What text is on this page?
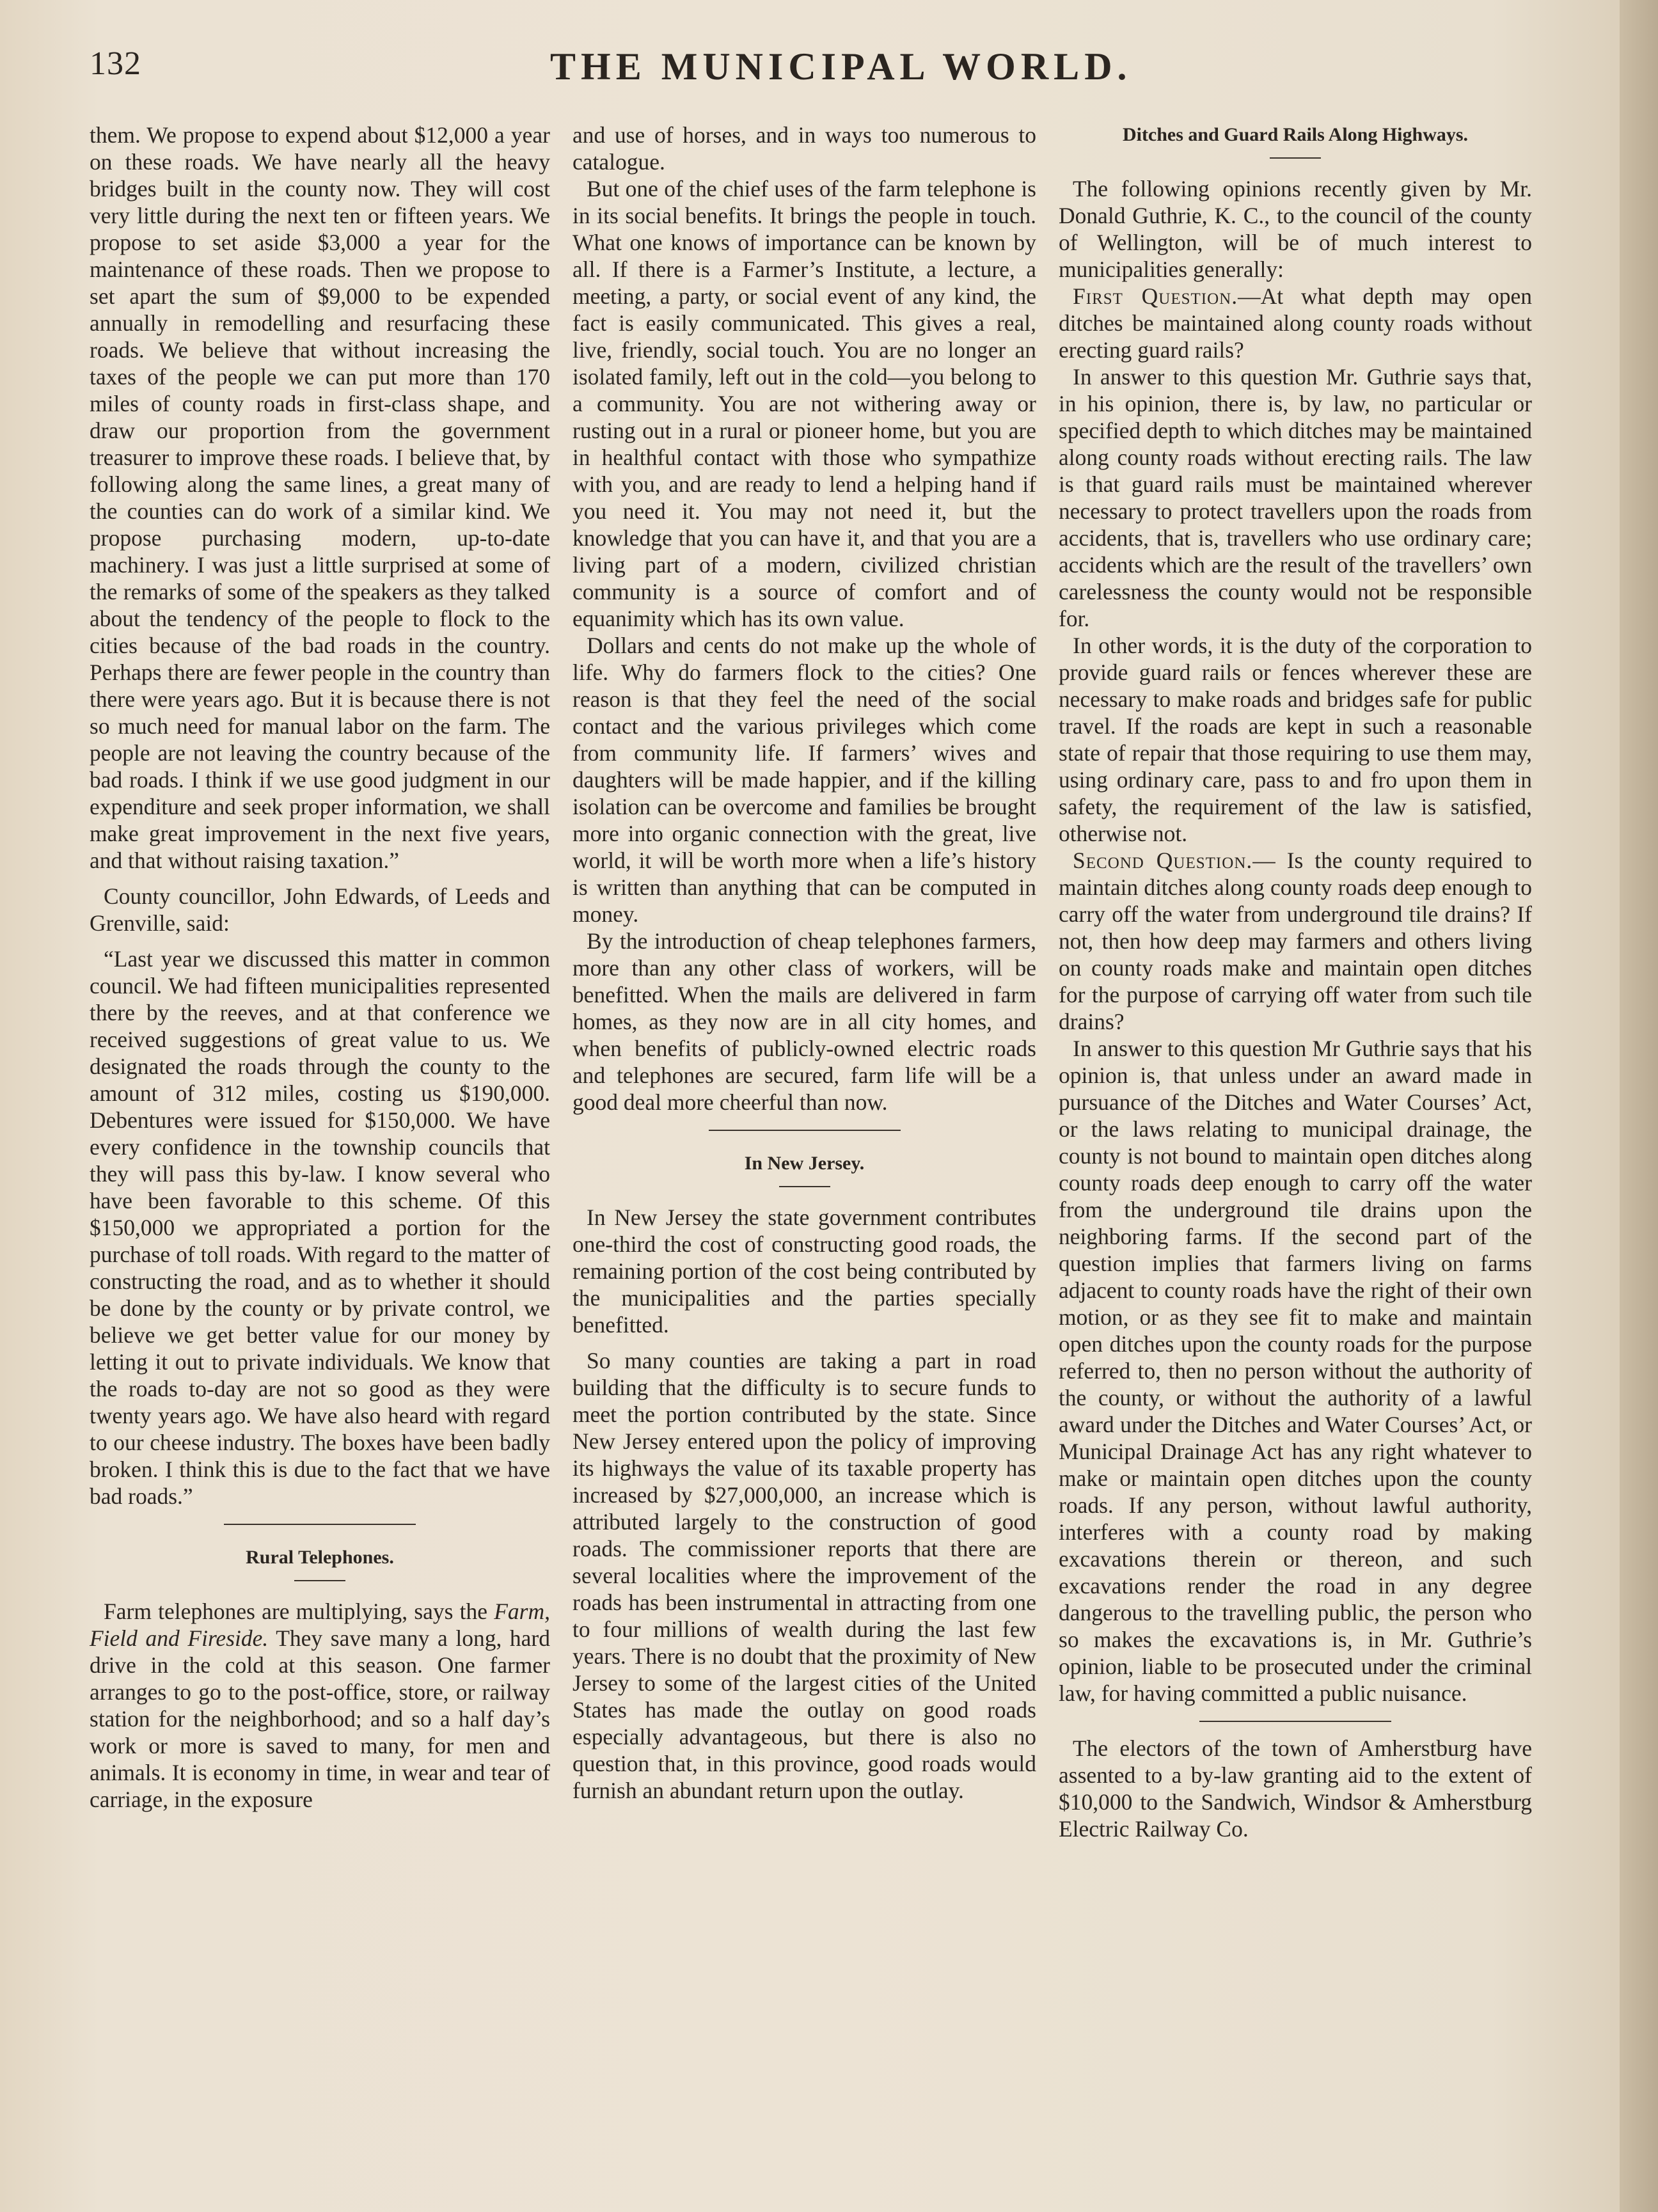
132	THE MUNICIPAL WORLD.

them. We propose to expend about $12,000 a year on these roads. We have nearly all the heavy bridges built in the county now. They will cost very little during the next ten or fifteen years. We propose to set aside $3,000 a year for the maintenance of these roads. Then we propose to set apart the sum of $9,000 to be expended annually in remodelling and resurfacing these roads. We believe that without increasing the taxes of the people we can put more than 170 miles of county roads in first-class shape, and draw our proportion from the government treasurer to improve these roads. I believe that, by following along the same lines, a great many of the counties can do work of a similar kind. We propose purchasing modern, up-to-date machinery. I was just a little surprised at some of the remarks of some of the speakers as they talked about the tendency of the people to flock to the cities because of the bad roads in the country. Perhaps there are fewer people in the country than there were years ago. But it is because there is not so much need for manual labor on the farm. The people are not leaving the country because of the bad roads. I think if we use good judgment in our expenditure and seek proper information, we shall make great improvement in the next five years, and that without raising taxation.”

County councillor, John Edwards, of Leeds and Grenville, said:

“Last year we discussed this matter in common council. We had fifteen municipalities represented there by the reeves, and at that conference we received suggestions of great value to us. We designated the roads through the county to the amount of 312 miles, costing us $190,000. Debentures were issued for $150,000. We have every confidence in the township councils that they will pass this by-law. I know several who have been favorable to this scheme. Of this $150,000 we appropriated a portion for the purchase of toll roads. With regard to the matter of constructing the road, and as to whether it should be done by the county or by private control, we believe we get better value for our money by letting it out to private individuals. We know that the roads to-day are not so good as they were twenty years ago. We have also heard with regard to our cheese industry. The boxes have been badly broken. I think this is due to the fact that we have bad roads.”

Rural Telephones.

Farm telephones are multiplying, says the Farm, Field and Fireside. They save many a long, hard drive in the cold at this season. One farmer arranges to go to the post-office, store, or railway station for the neighborhood; and so a half day’s work or more is saved to many, for men and animals. It is economy in time, in wear and tear of carriage, in the exposure

and use of horses, and in ways too numerous to catalogue.

But one of the chief uses of the farm telephone is in its social benefits. It brings the people in touch. What one knows of importance can be known by all. If there is a Farmer’s Institute, a lecture, a meeting, a party, or social event of any kind, the fact is easily communicated. This gives a real, live, friendly, social touch. You are no longer an isolated family, left out in the cold—you belong to a community. You are not withering away or rusting out in a rural or pioneer home, but you are in healthful contact with those who sympathize with you, and are ready to lend a helping hand if you need it. You may not need it, but the knowledge that you can have it, and that you are a living part of a modern, civilized christian community is a source of comfort and of equanimity which has its own value.

Dollars and cents do not make up the whole of life. Why do farmers flock to the cities? One reason is that they feel the need of the social contact and the various privileges which come from community life. If farmers’ wives and daughters will be made happier, and if the killing isolation can be overcome and families be brought more into organic connection with the great, live world, it will be worth more when a life’s history is written than anything that can be computed in money.

By the introduction of cheap telephones farmers, more than any other class of workers, will be benefitted. When the mails are delivered in farm homes, as they now are in all city homes, and when benefits of publicly-owned electric roads and telephones are secured, farm life will be a good deal more cheerful than now.

In New Jersey.

In New Jersey the state government contributes one-third the cost of constructing good roads, the remaining portion of the cost being contributed by the municipalities and the parties specially benefitted.

So many counties are taking a part in road building that the difficulty is to secure funds to meet the portion contributed by the state. Since New Jersey entered upon the policy of improving its highways the value of its taxable property has increased by $27,000,000, an increase which is attributed largely to the construction of good roads. The commissioner reports that there are several localities where the improvement of the roads has been instrumental in attracting from one to four millions of wealth during the last few years. There is no doubt that the proximity of New Jersey to some of the largest cities of the United States has made the outlay on good roads especially advantageous, but there is also no question that, in this province, good roads would furnish an abundant return upon the outlay.

Ditches and Guard Rails Along Highways.

The following opinions recently given by Mr. Donald Guthrie, K. C., to the council of the county of Wellington, will be of much interest to municipalities generally:

First Question.—At what depth may open ditches be maintained along county roads without erecting guard rails?

In answer to this question Mr. Guthrie says that, in his opinion, there is, by law, no particular or specified depth to which ditches may be maintained along county roads without erecting rails. The law is that guard rails must be maintained wherever necessary to protect travellers upon the roads from accidents, that is, travellers who use ordinary care; accidents which are the result of the travellers’ own carelessness the county would not be responsible for.

In other words, it is the duty of the corporation to provide guard rails or fences wherever these are necessary to make roads and bridges safe for public travel. If the roads are kept in such a reasonable state of repair that those requiring to use them may, using ordinary care, pass to and fro upon them in safety, the requirement of the law is satisfied, otherwise not.

Second Question.— Is the county required to maintain ditches along county roads deep enough to carry off the water from underground tile drains? If not, then how deep may farmers and others living on county roads make and maintain open ditches for the purpose of carrying off water from such tile drains?

In answer to this question Mr Guthrie says that his opinion is, that unless under an award made in pursuance of the Ditches and Water Courses’ Act, or the laws relating to municipal drainage, the county is not bound to maintain open ditches along county roads deep enough to carry off the water from the underground tile drains upon the neighboring farms. If the second part of the question implies that farmers living on farms adjacent to county roads have the right of their own motion, or as they see fit to make and maintain open ditches upon the county roads for the purpose referred to, then no person without the authority of the county, or without the authority of a lawful award under the Ditches and Water Courses’ Act, or Municipal Drainage Act has any right whatever to make or maintain open ditches upon the county roads. If any person, without lawful authority, interferes with a county road by making excavations therein or thereon, and such excavations render the road in any degree dangerous to the travelling public, the person who so makes the excavations is, in Mr. Guthrie’s opinion, liable to be prosecuted under the criminal law, for having committed a public nuisance.

The electors of the town of Amherstburg have assented to a by-law granting aid to the extent of $10,000 to the Sandwich, Windsor & Amherstburg Electric Railway Co.
